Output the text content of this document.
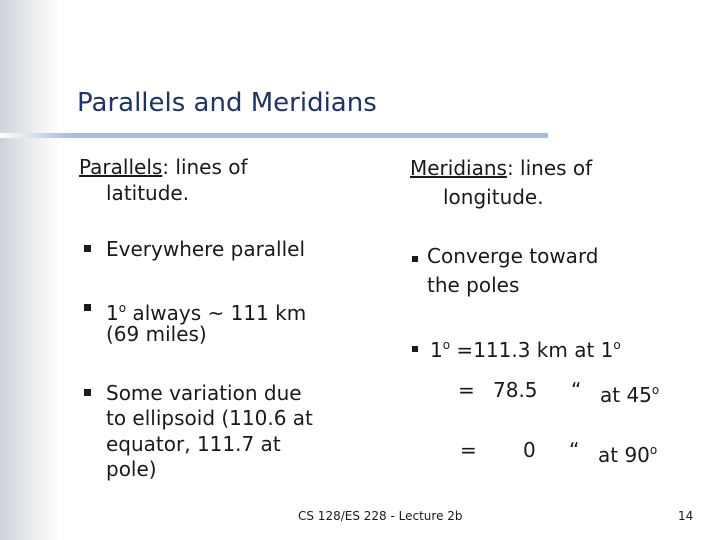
Parallels and Meridians
Parallels: lines of
latitude.
Everywhere parallel
1$^o$ always ~ 111 km
(69 miles)
Some variation due
to ellipsoid (110.6 at
equator, 111.7 at
pole)
Meridians: lines of
longitude.
Converge toward
the poles
$1^o =111.3$ km at $1^o$
= 78.5 “ at $45^o$
= 0 “ at 90$^o$
CS 128/ES 228 - Lecture 2b	14
